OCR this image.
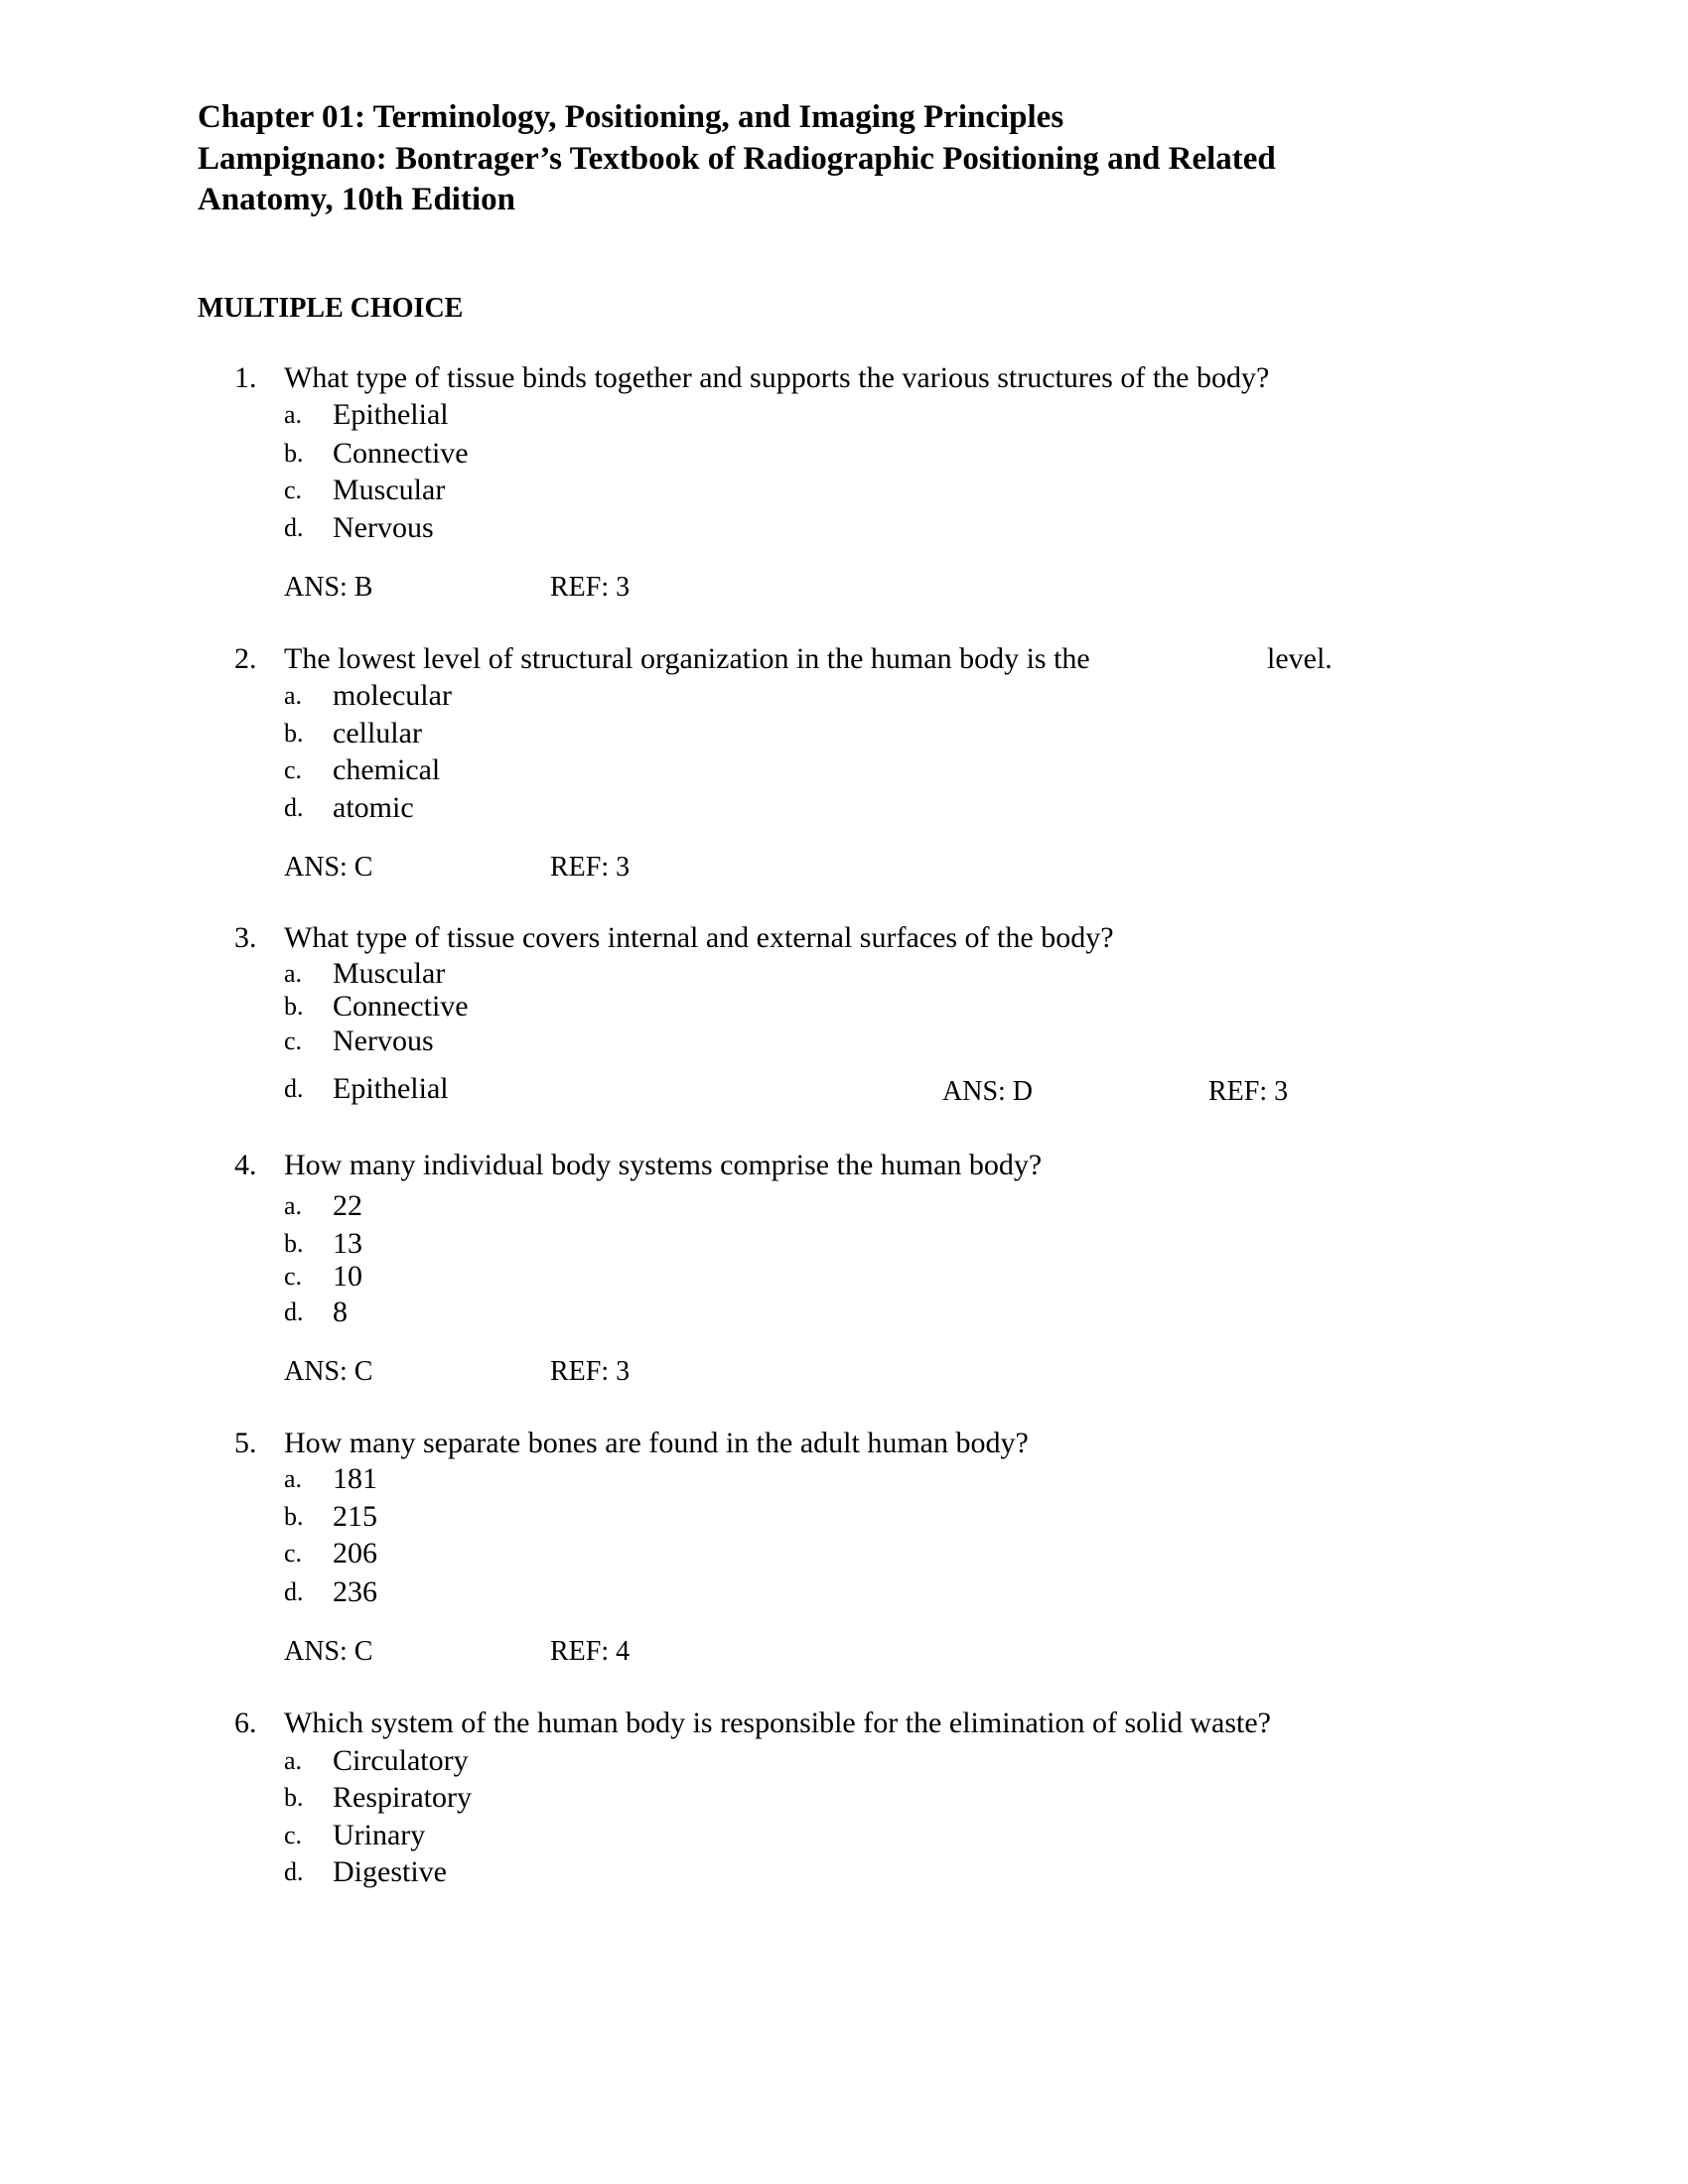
Chapter 01: Terminology, Positioning, and Imaging Principles
Lampignano: Bontrager’s Textbook of Radiographic Positioning and Related
Anatomy, 10th Edition
MULTIPLE CHOICE
1. What type of tissue binds together and supports the various structures of the body?
a. Epithelial
b. Connective
c. Muscular
d. Nervous
ANS: B	REF: 3
2. The lowest level of structural organization in the human body is the	level.
a. molecular
b. cellular
c. chemical
d. atomic
ANS: C	REF: 3
3. What type of tissue covers internal and external surfaces of the body?
a. Muscular
b. Connective
c. Nervous
d. Epithelial	ANS: D	REF: 3
4. How many individual body systems comprise the human body?
a. 22
b. 13
c. 10
d. 8
ANS: C	REF: 3
5. How many separate bones are found in the adult human body?
a. 181
b. 215
c. 206
d. 236
ANS: C	REF: 4
6. Which system of the human body is responsible for the elimination of solid waste?
a. Circulatory
b. Respiratory
c. Urinary
d. Digestive
